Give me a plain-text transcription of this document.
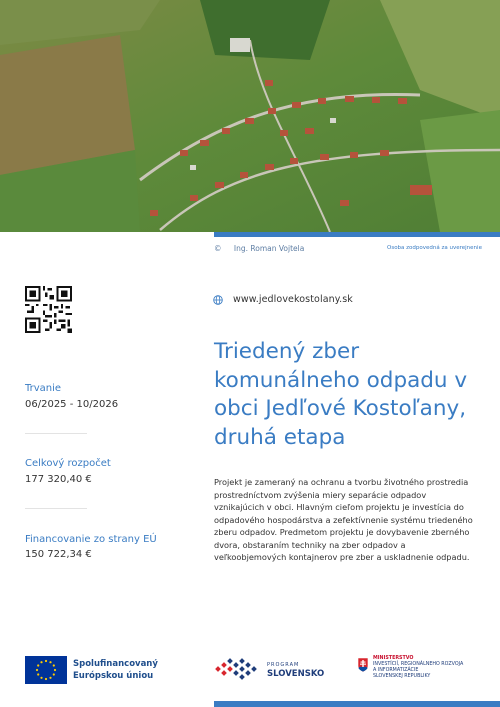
© Ing. Roman Vojtela	Osoba zodpovedná za uverejnenie
www.jedlovekostolany.sk
Triedený zber komunálneho odpadu v obci Jedľové Kostoľany, druhá etapa

Projekt je zameraný na ochranu a tvorbu životného prostredia prostredníctvom zvýšenia miery separácie odpadov vznikajúcich v obci. Hlavným cieľom projektu je investícia do odpadového hospodárstva a zefektívnenie systému triedeného zberu odpadov. Predmetom projektu je dovybavenie zberného dvora, obstaraním techniky na zber odpadov a veľkoobjemových kontajnerov pre zber a uskladnenie odpadu.

Trvanie
06/2025 - 10/2026
Celkový rozpočet
177 320,40 €
Financovanie zo strany EÚ
150 722,34 €
Spolufinancovaný
Európskou úniou
PROGRAM
SLOVENSKO
MINISTERSTVO
INVESTÍCIÍ, REGIONÁLNEHO ROZVOJA
A INFORMATIZÁCIE
SLOVENSKEJ REPUBLIKY
